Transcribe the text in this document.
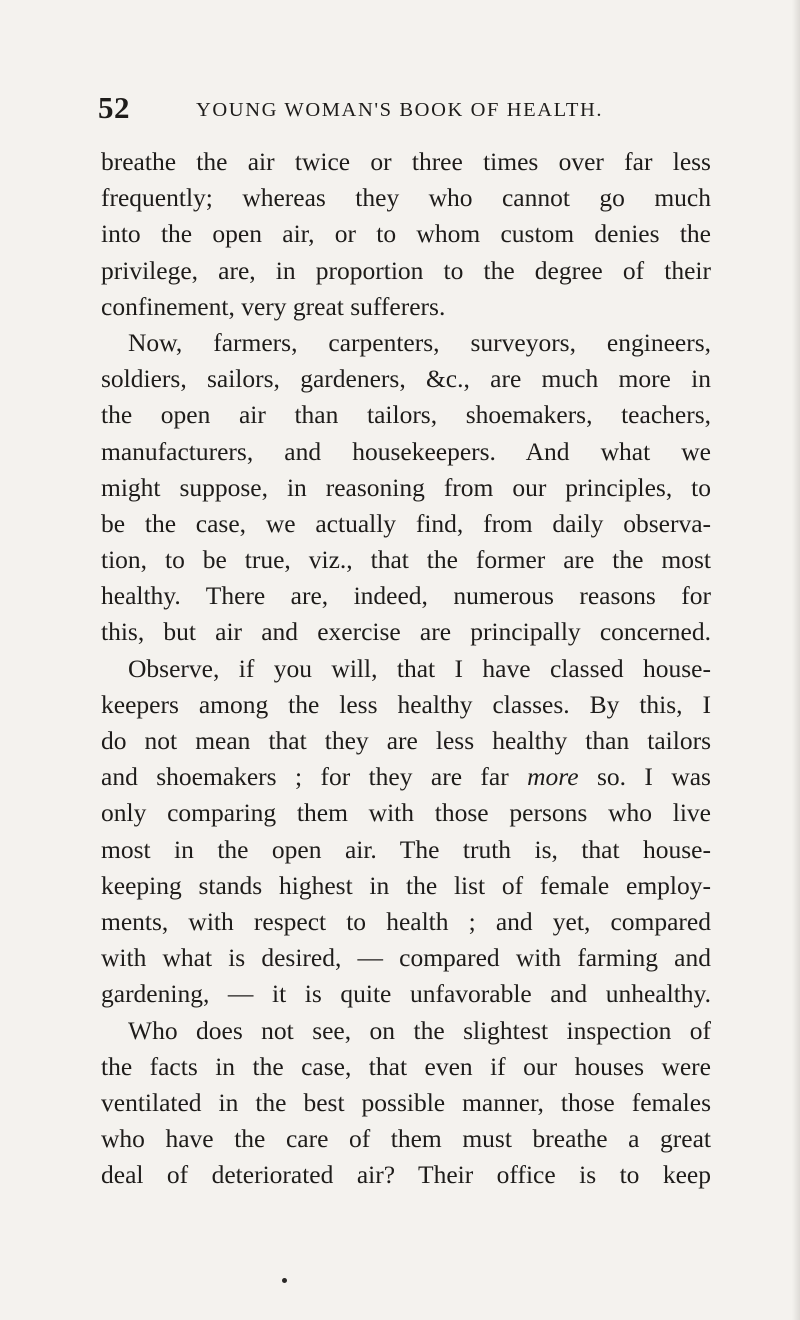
52	YOUNG WOMAN'S BOOK OF HEALTH.
breathe the air twice or three times over far less
frequently; whereas they who cannot go much
into the open air, or to whom custom denies the
privilege, are, in proportion to the degree of their
confinement, very great sufferers.
Now, farmers, carpenters, surveyors, engineers,
soldiers, sailors, gardeners, &c., are much more in
the open air than tailors, shoemakers, teachers,
manufacturers, and housekeepers. And what we
might suppose, in reasoning from our principles, to
be the case, we actually find, from daily observa-
tion, to be true, viz., that the former are the most
healthy. There are, indeed, numerous reasons for
this, but air and exercise are principally concerned.
Observe, if you will, that I have classed house-
keepers among the less healthy classes. By this, I
do not mean that they are less healthy than tailors
and shoemakers ; for they are far more so. I was
only comparing them with those persons who live
most in the open air. The truth is, that house-
keeping stands highest in the list of female employ-
ments, with respect to health ; and yet, compared
with what is desired, — compared with farming and
gardening, — it is quite unfavorable and unhealthy.
Who does not see, on the slightest inspection of
the facts in the case, that even if our houses were
ventilated in the best possible manner, those females
who have the care of them must breathe a great
deal of deteriorated air? Their office is to keep
